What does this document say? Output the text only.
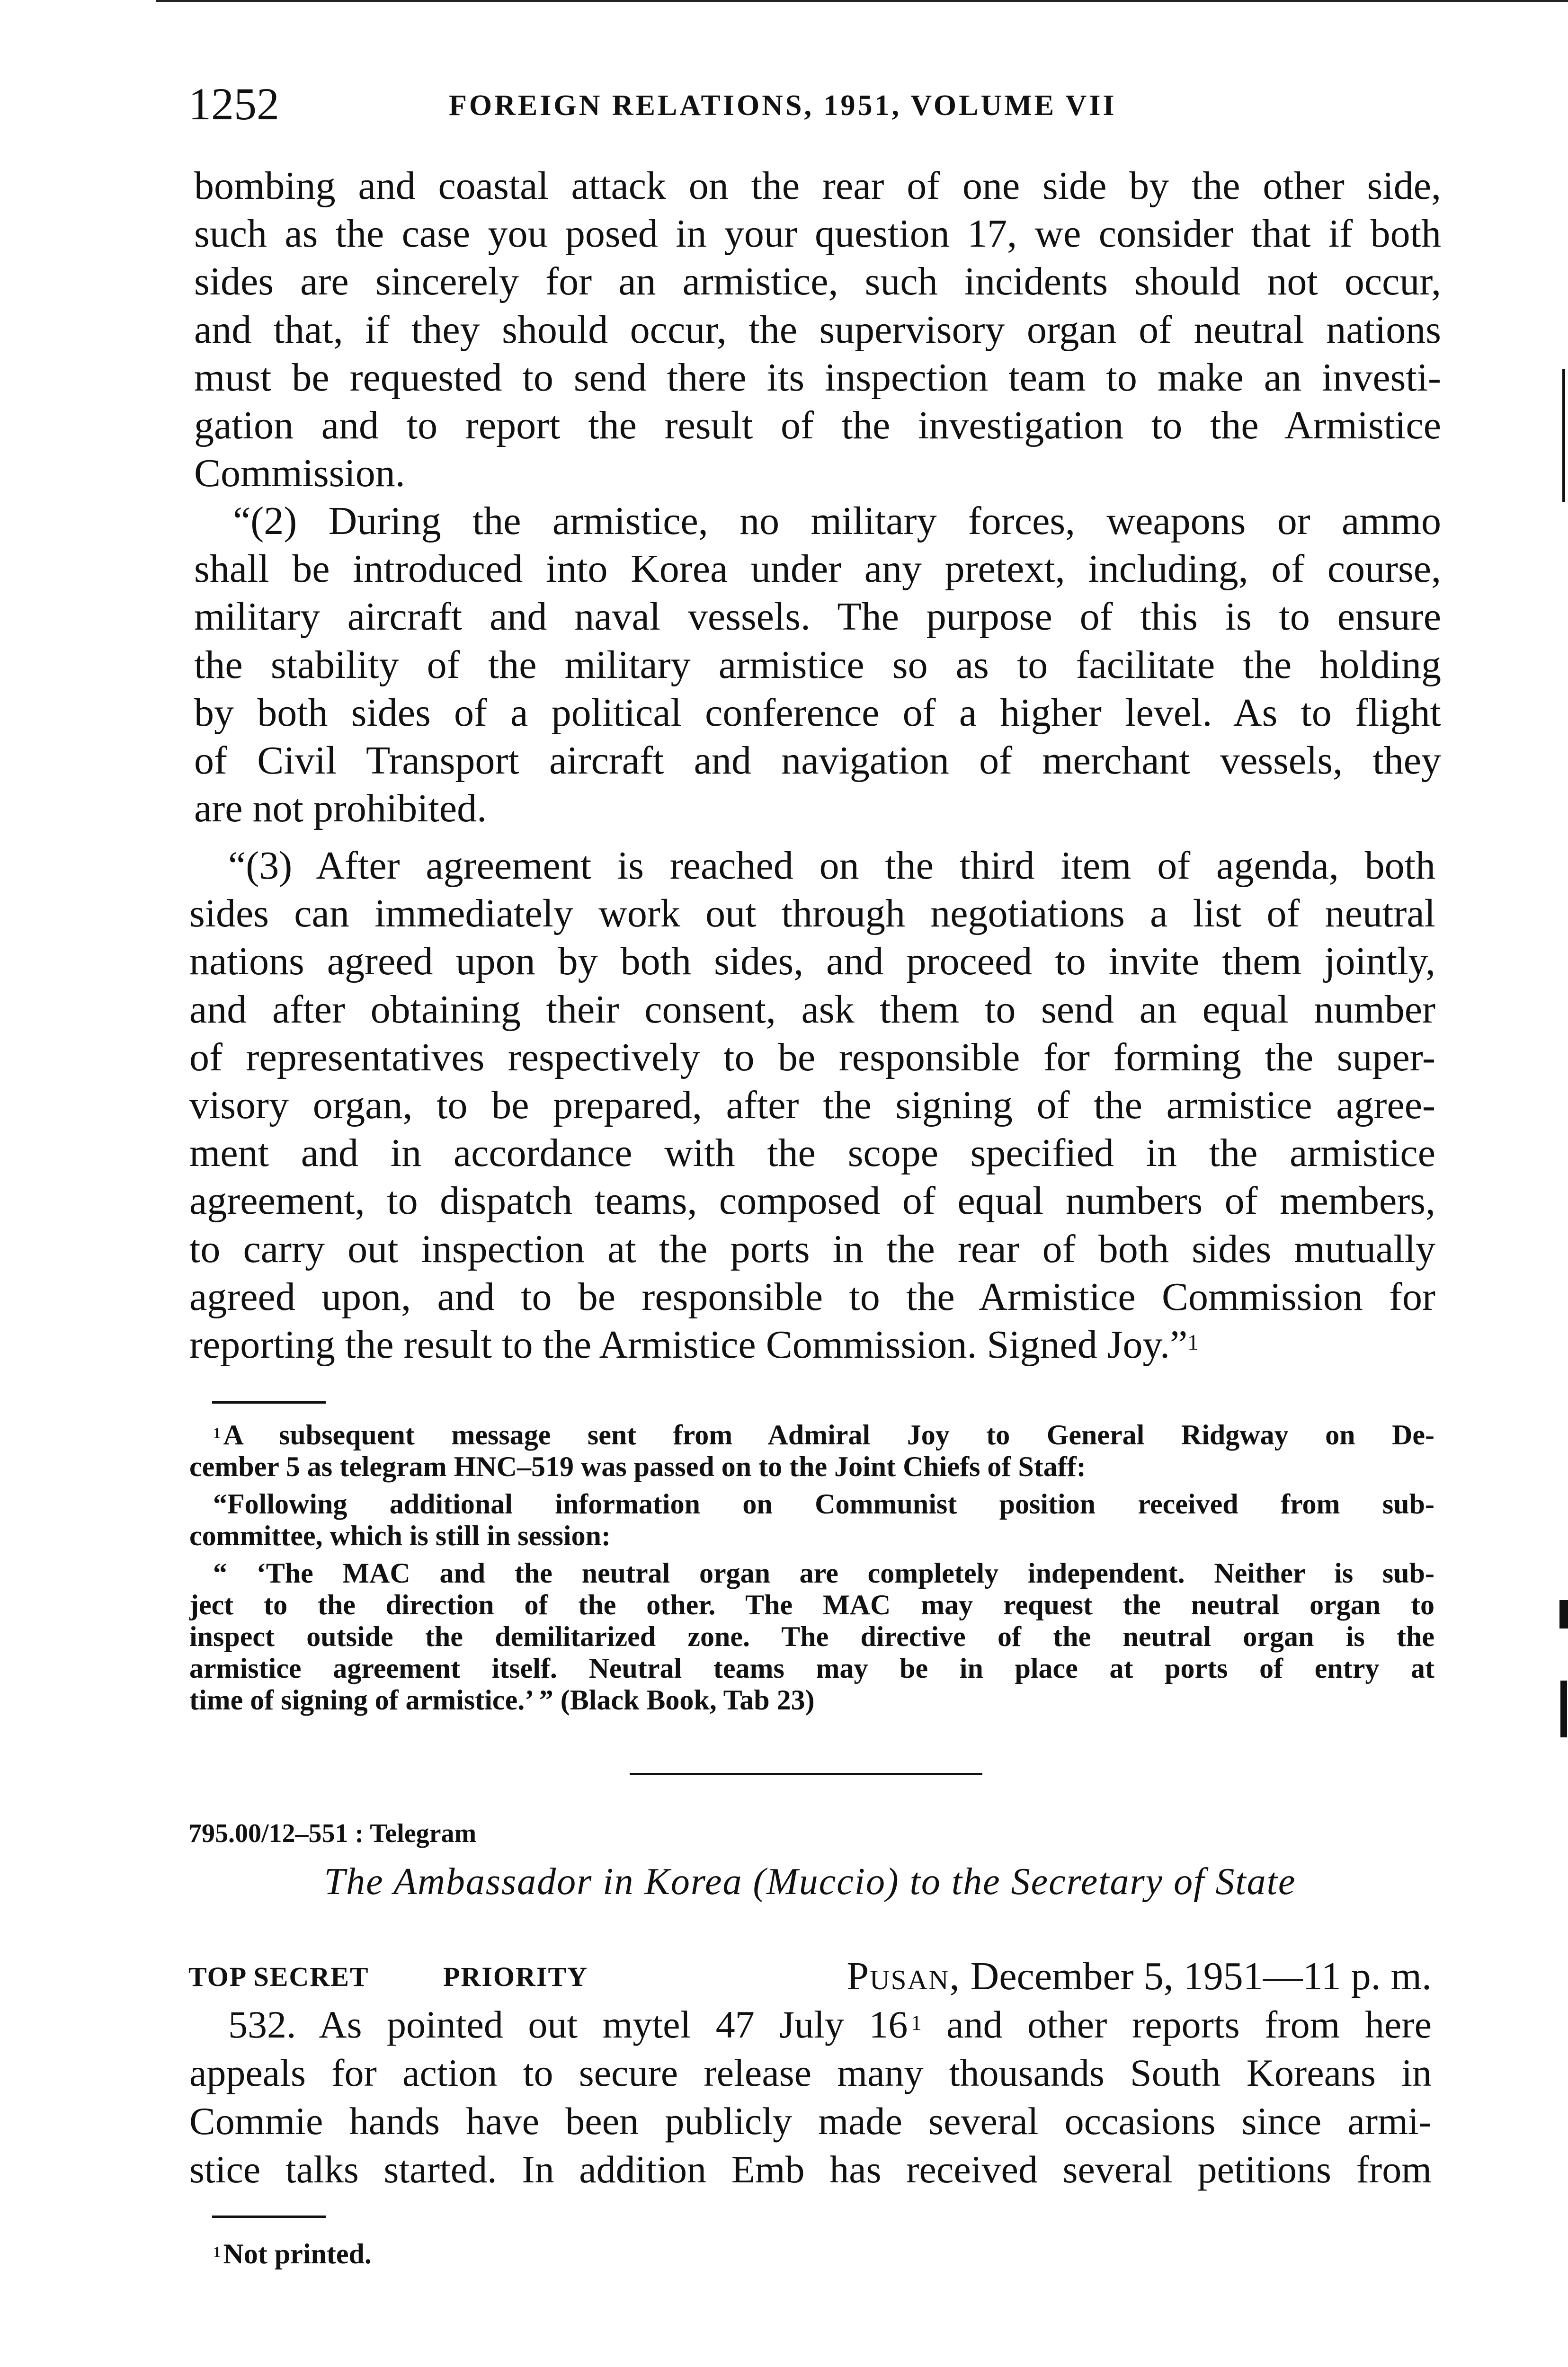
1252	FOREIGN RELATIONS, 1951, VOLUME VII
bombing and coastal attack on the rear of one side by the other side,
such as the case you posed in your question 17, we consider that if both
sides are sincerely for an armistice, such incidents should not occur,
and that, if they should occur, the supervisory organ of neutral nations
must be requested to send there its inspection team to make an investi-
gation and to report the result of the investigation to the Armistice
Commission.
“(2) During the armistice, no military forces, weapons or ammo
shall be introduced into Korea under any pretext, including, of course,
military aircraft and naval vessels. The purpose of this is to ensure
the stability of the military armistice so as to facilitate the holding
by both sides of a political conference of a higher level. As to flight
of Civil Transport aircraft and navigation of merchant vessels, they
are not prohibited.
“(3) After agreement is reached on the third item of agenda, both
sides can immediately work out through negotiations a list of neutral
nations agreed upon by both sides, and proceed to invite them jointly,
and after obtaining their consent, ask them to send an equal number
of representatives respectively to be responsible for forming the super-
visory organ, to be prepared, after the signing of the armistice agree-
ment and in accordance with the scope specified in the armistice
agreement, to dispatch teams, composed of equal numbers of members,
to carry out inspection at the ports in the rear of both sides mutually
agreed upon, and to be responsible to the Armistice Commission for
reporting the result to the Armistice Commission. Signed Joy.”$^1$
$^1$ A subsequent message sent from Admiral Joy to General Ridgway on De-
cember 5 as telegram HNC–519 was passed on to the Joint Chiefs of Staff:
“Following additional information on Communist position received from sub-
committee, which is still in session:
“ ‘The MAC and the neutral organ are completely independent. Neither is sub-
ject to the direction of the other. The MAC may request the neutral organ to
inspect outside the demilitarized zone. The directive of the neutral organ is the
armistice agreement itself. Neutral teams may be in place at ports of entry at
time of signing of armistice.’ ” (Black Book, Tab 23)
795.00/12–551 : Telegram
The Ambassador in Korea (Muccio) to the Secretary of State
TOP SECRET	PRIORITY	Pusan, December 5, 1951—11 p. m.
532. As pointed out mytel 47 July 16  $^1$ and other reports from here
appeals for action to secure release many thousands South Koreans in
Commie hands have been publicly made several occasions since armi-
stice talks started. In addition Emb has received several petitions from
$^1$ Not printed.
